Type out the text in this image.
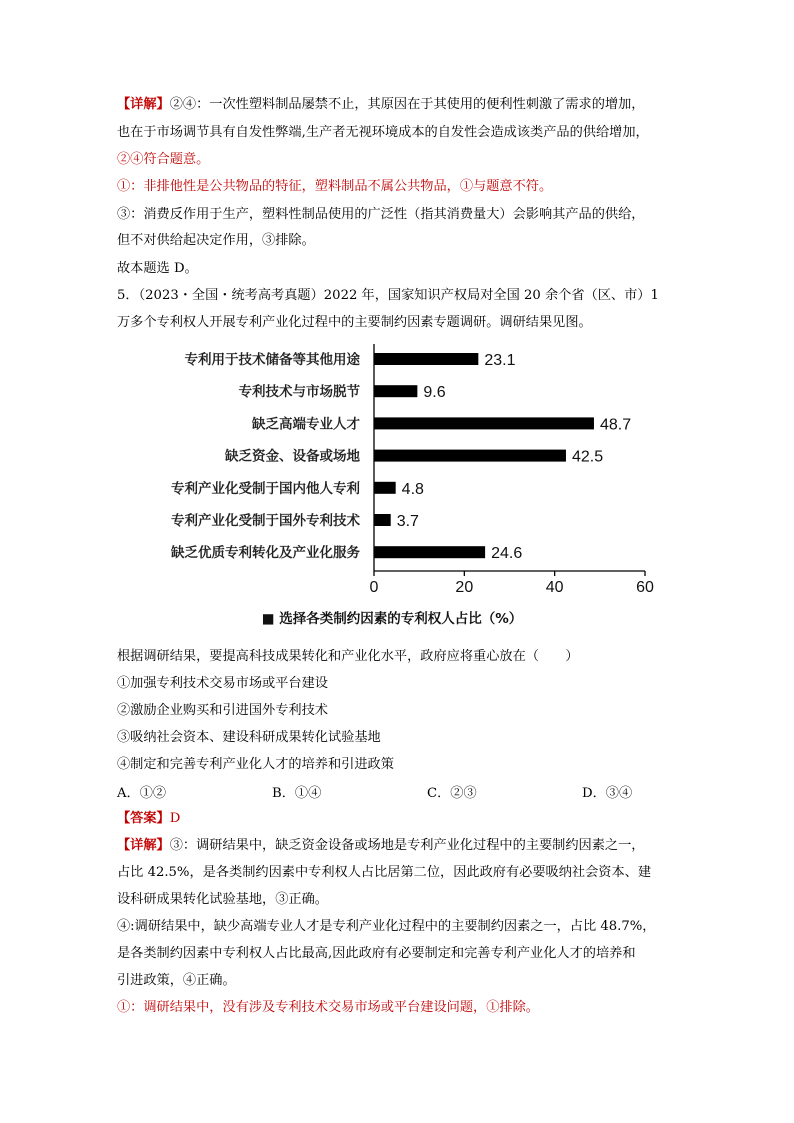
【详解】②④：一次性塑料制品屡禁不止，其原因在于其使用的便利性刺激了需求的增加，
也在于市场调节具有自发性弊端,生产者无视环境成本的自发性会造成该类产品的供给增加，
②④符合题意。
①：非排他性是公共物品的特征，塑料制品不属公共物品，①与题意不符。
③：消费反作用于生产，塑料性制品使用的广泛性（指其消费量大）会影响其产品的供给，
但不对供给起决定作用，③排除。
故本题选 D。
5．（2023・全国・统考高考真题）2022 年，国家知识产权局对全国 20 余个省（区、市）1
万多个专利权人开展专利产业化过程中的主要制约因素专题调研。调研结果见图。
专利用于技术储备等其他用途	23.1
专利技术与市场脱节	9.6
缺乏高端专业人才	48.7
缺乏资金、设备或场地	42.5
专利产业化受制于国内他人专利	4.8
专利产业化受制于国外专利技术 3.7
缺乏优质专利转化及产业化服务	24.6
0	20	40	60
■ 选择各类制约因素的专利权人占比（%）
根据调研结果，要提高科技成果转化和产业化水平，政府应将重心放在（　　）
①加强专利技术交易市场或平台建设
②激励企业购买和引进国外专利技术
③吸纳社会资本、建设科研成果转化试验基地
④制定和完善专利产业化人才的培养和引进政策
A．①②	B．①④	C．②③	D．③④
【答案】D
【详解】③：调研结果中，缺乏资金设备或场地是专利产业化过程中的主要制约因素之一，
占比 42.5%，是各类制约因素中专利权人占比居第二位，因此政府有必要吸纳社会资本、建
设科研成果转化试验基地，③正确。
④:调研结果中，缺少高端专业人才是专利产业化过程中的主要制约因素之一，占比 48.7%，
是各类制约因素中专利权人占比最高,因此政府有必要制定和完善专利产业化人才的培养和
引进政策，④正确。
①：调研结果中，没有涉及专利技术交易市场或平台建设问题，①排除。
